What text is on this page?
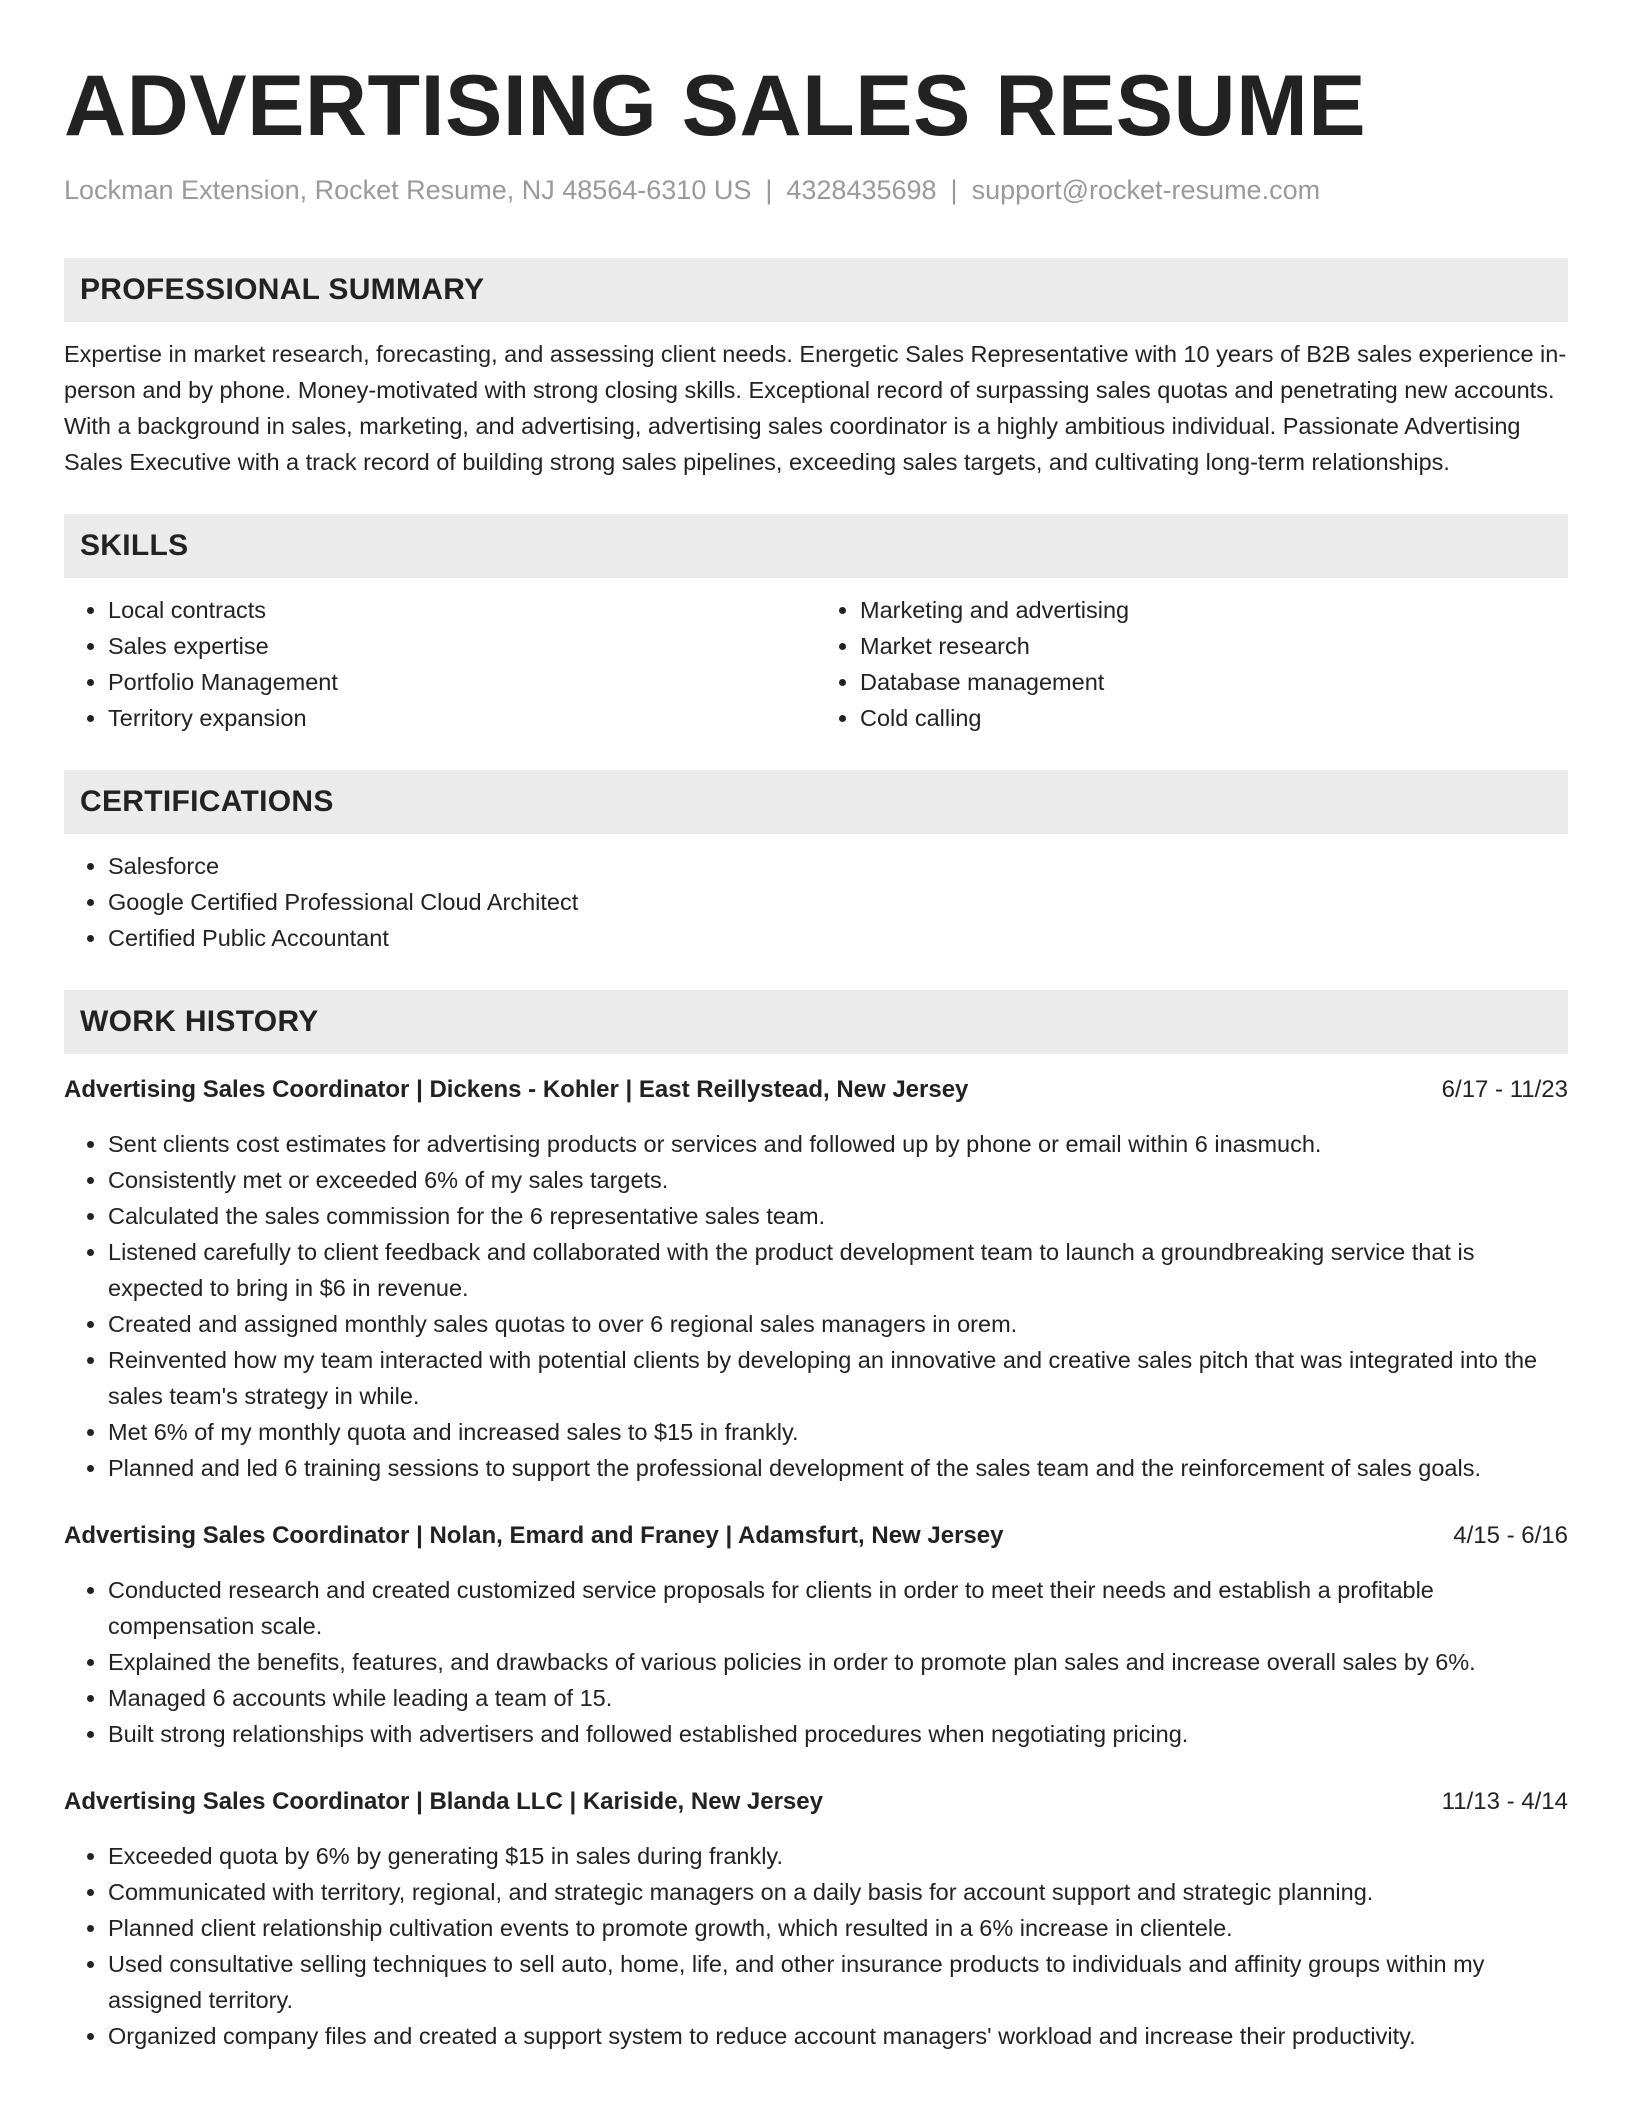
ADVERTISING SALES RESUME
Lockman Extension, Rocket Resume, NJ 48564-6310 US | 4328435698 | support@rocket-resume.com
PROFESSIONAL SUMMARY
Expertise in market research, forecasting, and assessing client needs. Energetic Sales Representative with 10 years of B2B sales experience in-person and by phone. Money-motivated with strong closing skills. Exceptional record of surpassing sales quotas and penetrating new accounts. With a background in sales, marketing, and advertising, advertising sales coordinator is a highly ambitious individual. Passionate Advertising Sales Executive with a track record of building strong sales pipelines, exceeding sales targets, and cultivating long-term relationships.
SKILLS
• Local contracts
• Sales expertise
• Portfolio Management
• Territory expansion
• Marketing and advertising
• Market research
• Database management
• Cold calling
CERTIFICATIONS
• Salesforce
• Google Certified Professional Cloud Architect
• Certified Public Accountant
WORK HISTORY
Advertising Sales Coordinator | Dickens - Kohler | East Reillystead, New Jersey	6/17 - 11/23
• Sent clients cost estimates for advertising products or services and followed up by phone or email within 6 inasmuch.
• Consistently met or exceeded 6% of my sales targets.
• Calculated the sales commission for the 6 representative sales team.
• Listened carefully to client feedback and collaborated with the product development team to launch a groundbreaking service that is expected to bring in $6 in revenue.
• Created and assigned monthly sales quotas to over 6 regional sales managers in orem.
• Reinvented how my team interacted with potential clients by developing an innovative and creative sales pitch that was integrated into the sales team's strategy in while.
• Met 6% of my monthly quota and increased sales to $15 in frankly.
• Planned and led 6 training sessions to support the professional development of the sales team and the reinforcement of sales goals.
Advertising Sales Coordinator | Nolan, Emard and Franey | Adamsfurt, New Jersey	4/15 - 6/16
• Conducted research and created customized service proposals for clients in order to meet their needs and establish a profitable compensation scale.
• Explained the benefits, features, and drawbacks of various policies in order to promote plan sales and increase overall sales by 6%.
• Managed 6 accounts while leading a team of 15.
• Built strong relationships with advertisers and followed established procedures when negotiating pricing.
Advertising Sales Coordinator | Blanda LLC | Kariside, New Jersey	11/13 - 4/14
• Exceeded quota by 6% by generating $15 in sales during frankly.
• Communicated with territory, regional, and strategic managers on a daily basis for account support and strategic planning.
• Planned client relationship cultivation events to promote growth, which resulted in a 6% increase in clientele.
• Used consultative selling techniques to sell auto, home, life, and other insurance products to individuals and affinity groups within my assigned territory.
• Organized company files and created a support system to reduce account managers' workload and increase their productivity.
